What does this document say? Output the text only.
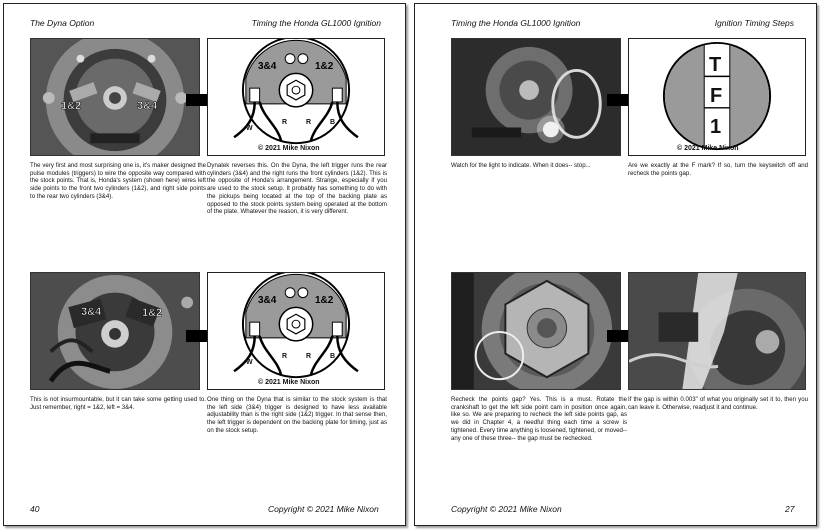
The Dyna Option	Timing the Honda GL1000 Ignition
1&2	3&4
3&4	1&2
W
R	R	B
© 2021 Mike Nixon
The very first and most surprising one is, it's maker designed the pulse modules (triggers) to wire the opposite way compared with the stock points. That is, Honda's system (shown here) wires left side points to the front two cylinders (1&2), and right side points to the rear two cylinders (3&4).
Dynatek reverses this. On the Dyna, the left trigger runs the rear cylinders (3&4) and the right runs the front cylinders (1&2). This is the opposite of Honda's arrangement. Strange, especially if you are used to the stock setup. It probably has something to do with the pickups being located at the top of the backing plate as opposed to the stock points system being operated at the bottom of the plate. Whatever the reason, it is very different.
3&4	1&2
3&4	1&2
W
R	R	B
© 2021 Mike Nixon
This is not insurmountable, but it can take some getting used to. Just remember, right = 1&2, left = 3&4.
One thing on the Dyna that is similar to the stock system is that the left side (3&4) trigger is designed to have less available adjustability than is the right side (1&2) trigger. In that sense then, the left trigger is dependent on the backing plate for timing, just as on the stock setup.
40	Copyright © 2021 Mike Nixon
Timing the Honda GL1000 Ignition	Ignition Timing Steps
T
F
1
© 2021 Mike Nixon
Watch for the light to indicate. When it does-- stop...	Are we exactly at the F mark? If so, turn the keyswitch off and recheck the points gap.
Recheck the points gap? Yes. This is a must. Rotate the crankshaft to get the left side point cam in position once again, like so. We are preparing to recheck the left side points gap, as we did in Chapter 4, a needful thing each time a screw is tightened. Every time anything is loosened, tightened, or moved-- any one of these three-- the gap must be rechecked.
If the gap is within 0.003" of what you originally set it to, then you can leave it. Otherwise, readjust it and continue.
Copyright © 2021 Mike Nixon	27
